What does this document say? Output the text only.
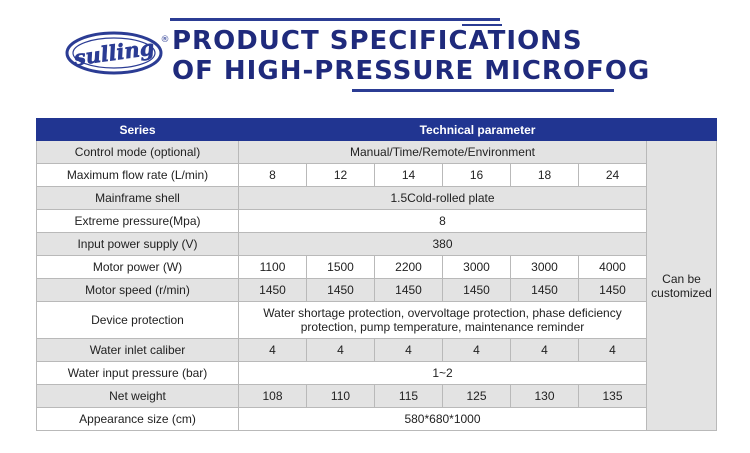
sulling ® PRODUCT SPECIFICATIONS
OF HIGH-PRESSURE MICROFOG
Series	Technical parameter						
Control mode (optional)	Manual/Time/Remote/Environment						Can be
customized
Maximum flow rate (L/min)	8	12	14	16	18	24	
Mainframe shell	1.5Cold-rolled plate						
Extreme pressure(Mpa)	8						
Input power supply (V)	380						
Motor power (W)	1100	1500	2200	3000	3000	4000	
Motor speed (r/min)	1450	1450	1450	1450	1450	1450	
Device protection	Water shortage protection, overvoltage protection, phase deficiency
protection, pump temperature, maintenance reminder						
Water inlet caliber	4	4	4	4	4	4	
Water input pressure (bar)	1~2						
Net weight	108	110	115	125	130	135	
Appearance size (cm)	580*680*1000						
